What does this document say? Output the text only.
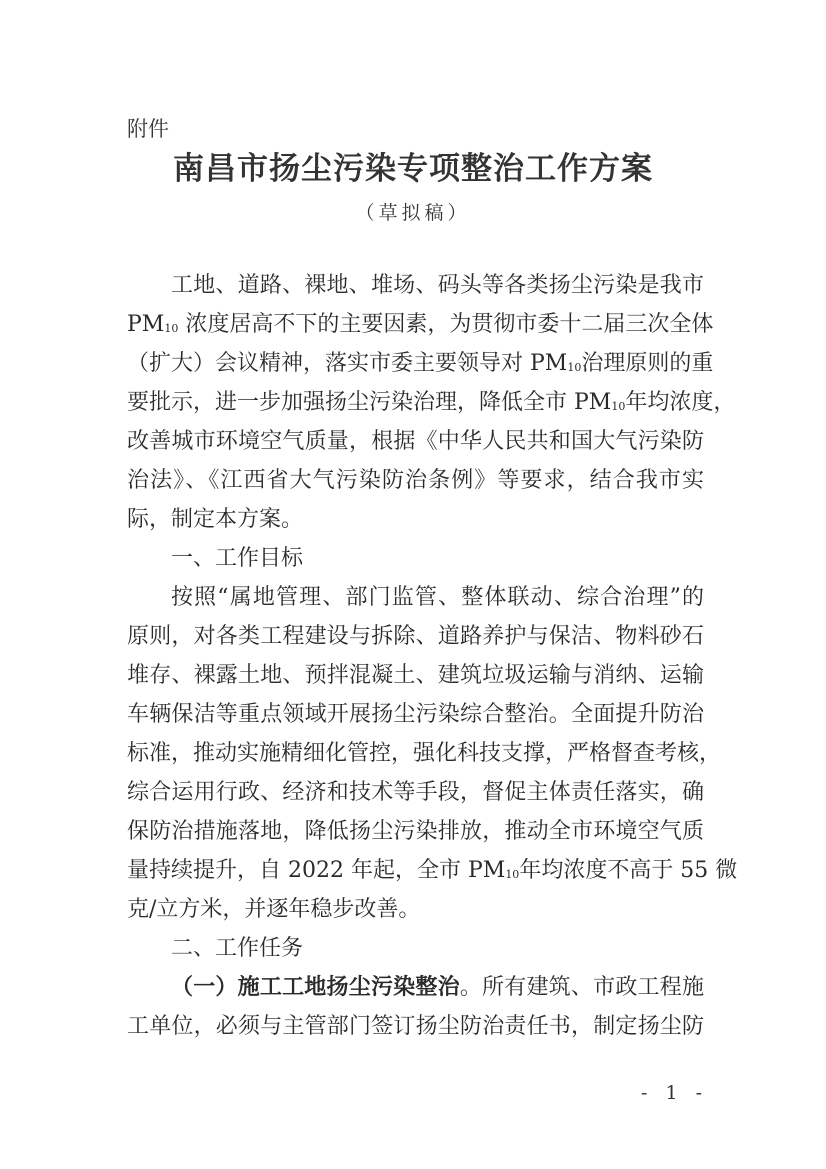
附件
南昌市扬尘污染专项整治工作方案
（草拟稿）
工地、道路、裸地、堆场、码头等各类扬尘污染是我市
PM10 浓度居高不下的主要因素，为贯彻市委十二届三次全体
（扩大）会议精神，落实市委主要领导对 PM10治理原则的重
要批示，进一步加强扬尘污染治理，降低全市 PM10年均浓度，
改善城市环境空气质量，根据《中华人民共和国大气污染防
治法》、《江西省大气污染防治条例》等要求，结合我市实
际，制定本方案。
一、工作目标
按照“属地管理、部门监管、整体联动、综合治理”的
原则，对各类工程建设与拆除、道路养护与保洁、物料砂石
堆存、裸露土地、预拌混凝土、建筑垃圾运输与消纳、运输
车辆保洁等重点领域开展扬尘污染综合整治。全面提升防治
标准，推动实施精细化管控，强化科技支撑，严格督查考核，
综合运用行政、经济和技术等手段，督促主体责任落实，确
保防治措施落地，降低扬尘污染排放，推动全市环境空气质
量持续提升，自 2022 年起，全市 PM10年均浓度不高于 55 微
克/立方米，并逐年稳步改善。
二、工作任务
（一）施工工地扬尘污染整治。所有建筑、市政工程施
工单位，必须与主管部门签订扬尘防治责任书，制定扬尘防
- 1 -
